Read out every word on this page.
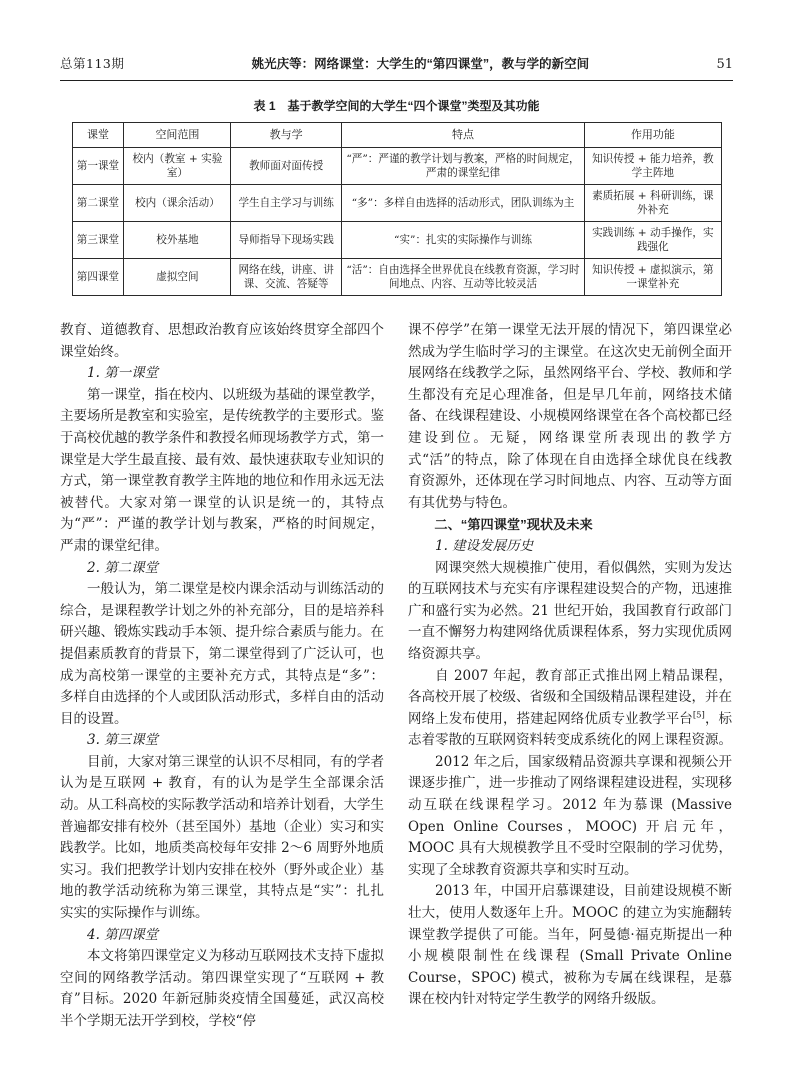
总第113期	姚光庆等：网络课堂：大学生的“第四课堂”，教与学的新空间	51
表 1 基于教学空间的大学生“四个课堂”类型及其功能
课堂	空间范围	教与学	特点	作用功能
第一课堂	校内（教室 + 实验室）	教师面对面传授	“严”：严谨的教学计划与教案，严格的时间规定，严肃的课堂纪律	知识传授 + 能力培养，教学主阵地
第二课堂	校内（课余活动）	学生自主学习与训练	“多”：多样自由选择的活动形式，团队训练为主	素质拓展 + 科研训练，课外补充
第三课堂	校外基地	导师指导下现场实践	“实”：扎实的实际操作与训练	实践训练 + 动手操作，实践强化
第四课堂	虚拟空间	网络在线，讲座、讲课、交流、答疑等	“活”：自由选择全世界优良在线教育资源，学习时间地点、内容、互动等比较灵活	知识传授 + 虚拟演示，第一课堂补充

教育、道德教育、思想政治教育应该始终贯穿全部四个课堂始终。

1. 第一课堂

第一课堂，指在校内、以班级为基础的课堂教学，主要场所是教室和实验室，是传统教学的主要形式。鉴于高校优越的教学条件和教授名师现场教学方式，第一课堂是大学生最直接、最有效、最快速获取专业知识的方式，第一课堂教育教学主阵地的地位和作用永远无法被替代。大家对第一课堂的认识是统一的，其特点为“严”：严谨的教学计划与教案，严格的时间规定，严肃的课堂纪律。

2. 第二课堂

一般认为，第二课堂是校内课余活动与训练活动的综合，是课程教学计划之外的补充部分，目的是培养科研兴趣、锻炼实践动手本领、提升综合素质与能力。在提倡素质教育的背景下，第二课堂得到了广泛认可，也成为高校第一课堂的主要补充方式，其特点是“多”：多样自由选择的个人或团队活动形式，多样自由的活动目的设置。

3. 第三课堂

目前，大家对第三课堂的认识不尽相同，有的学者认为是互联网 + 教育，有的认为是学生全部课余活动。从工科高校的实际教学活动和培养计划看，大学生普遍都安排有校外（甚至国外）基地（企业）实习和实践教学。比如，地质类高校每年安排 2～6 周野外地质实习。我们把教学计划内安排在校外（野外或企业）基地的教学活动统称为第三课堂，其特点是“实”：扎扎实实的实际操作与训练。

4. 第四课堂

本文将第四课堂定义为移动互联网技术支持下虚拟空间的网络教学活动。第四课堂实现了“互联网 + 教育”目标。2020 年新冠肺炎疫情全国蔓延，武汉高校半个学期无法开学到校，学校“停

课不停学”在第一课堂无法开展的情况下，第四课堂必然成为学生临时学习的主课堂。在这次史无前例全面开展网络在线教学之际，虽然网络平台、学校、教师和学生都没有充足心理准备，但是早几年前，网络技术储备、在线课程建设、小规模网络课堂在各个高校都已经建设到位。无疑，网络课堂所表现出的教学方式“活”的特点，除了体现在自由选择全球优良在线教育资源外，还体现在学习时间地点、内容、互动等方面有其优势与特色。

二、“第四课堂”现状及未来

1. 建设发展历史

网课突然大规模推广使用，看似偶然，实则为发达的互联网技术与充实有序课程建设契合的产物，迅速推广和盛行实为必然。21 世纪开始，我国教育行政部门一直不懈努力构建网络优质课程体系，努力实现优质网络资源共享。

自 2007 年起，教育部正式推出网上精品课程，各高校开展了校级、省级和全国级精品课程建设，并在网络上发布使用，搭建起网络优质专业教学平台[5]，标志着零散的互联网资料转变成系统化的网上课程资源。

2012 年之后，国家级精品资源共享课和视频公开课逐步推广，进一步推动了网络课程建设进程，实现移动互联在线课程学习。2012 年为慕课 (Massive Open Online Courses，MOOC) 开启元年，MOOC 具有大规模教学且不受时空限制的学习优势，实现了全球教育资源共享和实时互动。

2013 年，中国开启慕课建设，目前建设规模不断壮大，使用人数逐年上升。MOOC 的建立为实施翻转课堂教学提供了可能。当年，阿曼德·福克斯提出一种小规模限制性在线课程 (Small Private Online Course，SPOC) 模式，被称为专属在线课程，是慕课在校内针对特定学生教学的网络升级版。
